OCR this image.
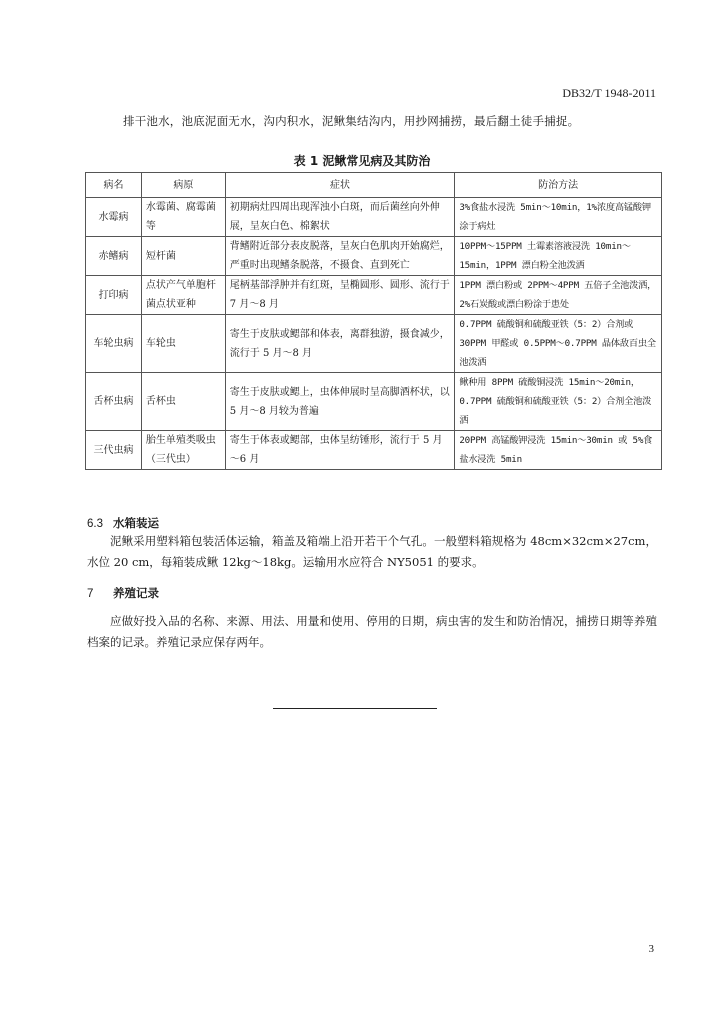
DB32/T 1948-2011
排干池水，池底泥面无水，沟内积水，泥鳅集结沟内，用抄网捕捞，最后翻土徒手捕捉。
表 1 泥鳅常见病及其防治
病名	病原	症状	防治方法
水霉病	水霉菌、腐霉菌等	初期病灶四周出现浑浊小白斑，而后菌丝向外伸展，呈灰白色、棉絮状	3%食盐水浸洗 5min～10min，1%浓度高锰酸钾涂于病灶
赤鳍病	短杆菌	背鳍附近部分表皮脱落，呈灰白色肌肉开始腐烂，严重时出现鳍条脱落，不摄食、直到死亡	10PPM～15PPM 土霉素溶液浸洗 10min～15min，1PPM 漂白粉全池泼洒
打印病	点状产气单胞杆菌点状亚种	尾柄基部浮肿并有红斑，呈椭圆形、圆形、流行于 7 月～8 月	1PPM 漂白粉或 2PPM～4PPM 五倍子全池泼洒，2%石炭酸或漂白粉涂于患处
车轮虫病	车轮虫	寄生于皮肤或鳃部和体表，离群独游，摄食减少，流行于 5 月～8 月	0.7PPM 硫酸铜和硫酸亚铁（5：2）合剂或 30PPM 甲醛或 0.5PPM～0.7PPM 晶体敌百虫全池泼洒
舌杯虫病	舌杯虫	寄生于皮肤或鳃上，虫体伸展时呈高脚酒杯状，以 5 月～8 月较为普遍	鳅种用 8PPM 硫酸铜浸洗 15min～20min，0.7PPM 硫酸铜和硫酸亚铁（5：2）合剂全池泼洒
三代虫病	胎生单殖类吸虫（三代虫）	寄生于体表或鳃部，虫体呈纺锤形，流行于 5 月～6 月	20PPM 高锰酸钾浸洗 15min～30min 或 5%食盐水浸洗 5min
6.3 水箱装运
泥鳅采用塑料箱包装活体运输，箱盖及箱端上沿开若干个气孔。一般塑料箱规格为 48cm×32cm×27cm，水位 20 cm，每箱装成鳅 12kg～18kg。运输用水应符合 NY5051 的要求。
7 养殖记录
应做好投入品的名称、来源、用法、用量和使用、停用的日期，病虫害的发生和防治情况，捕捞日期等养殖档案的记录。养殖记录应保存两年。
3
